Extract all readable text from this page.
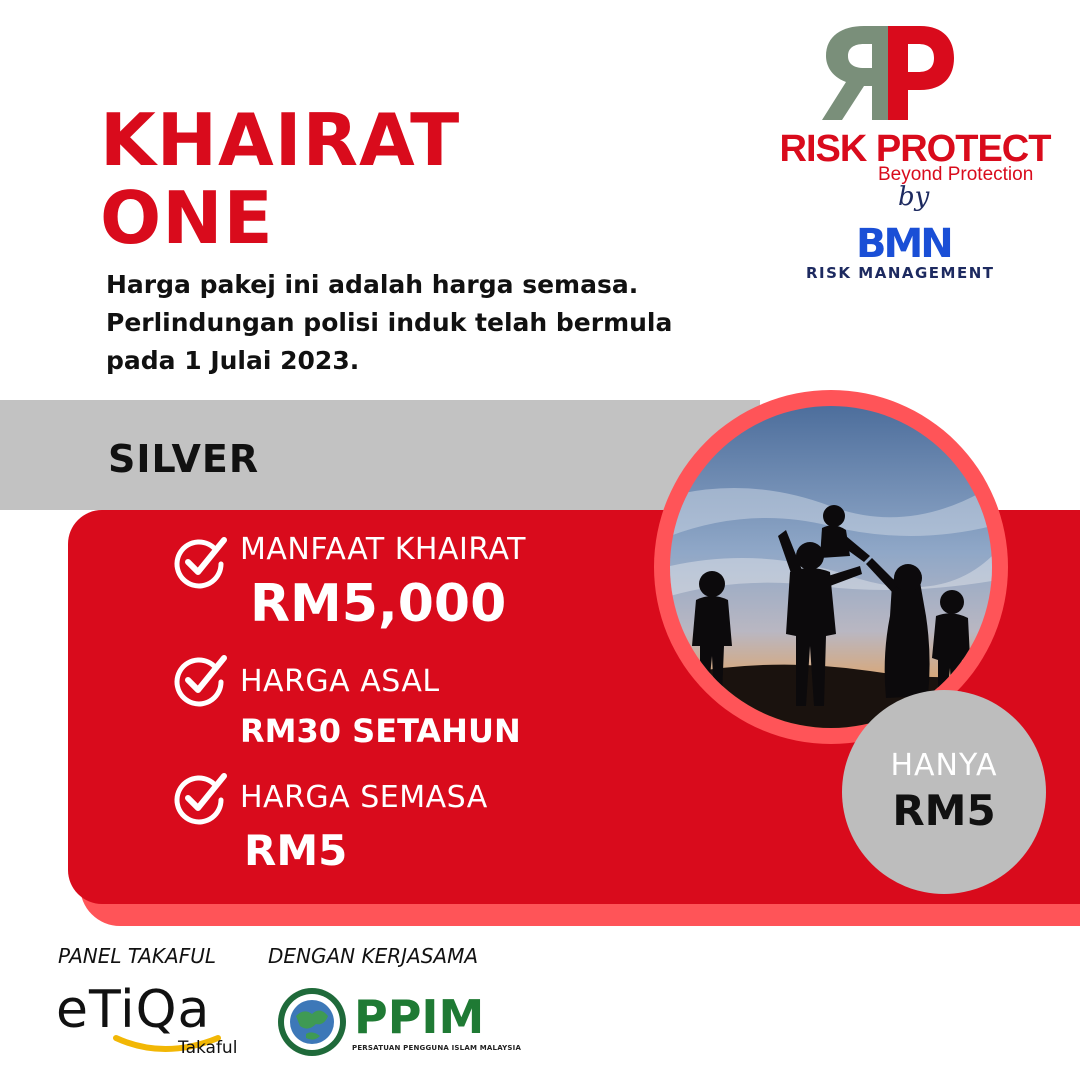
KHAIRAT
ONE
Harga pakej ini adalah harga semasa.
Perlindungan polisi induk telah bermula
pada 1 Julai 2023.
RISK PROTECT
Beyond Protection
by
BMN
RISK MANAGEMENT
SILVER
MANFAAT KHAIRAT
RM5,000
HARGA ASAL
RM30 SETAHUN
HARGA SEMASA
RM5
HANYA
RM5
PANEL TAKAFUL	DENGAN KERJASAMA
eTiQa
Takaful
PPIM
PERSATUAN PENGGUNA ISLAM MALAYSIA
